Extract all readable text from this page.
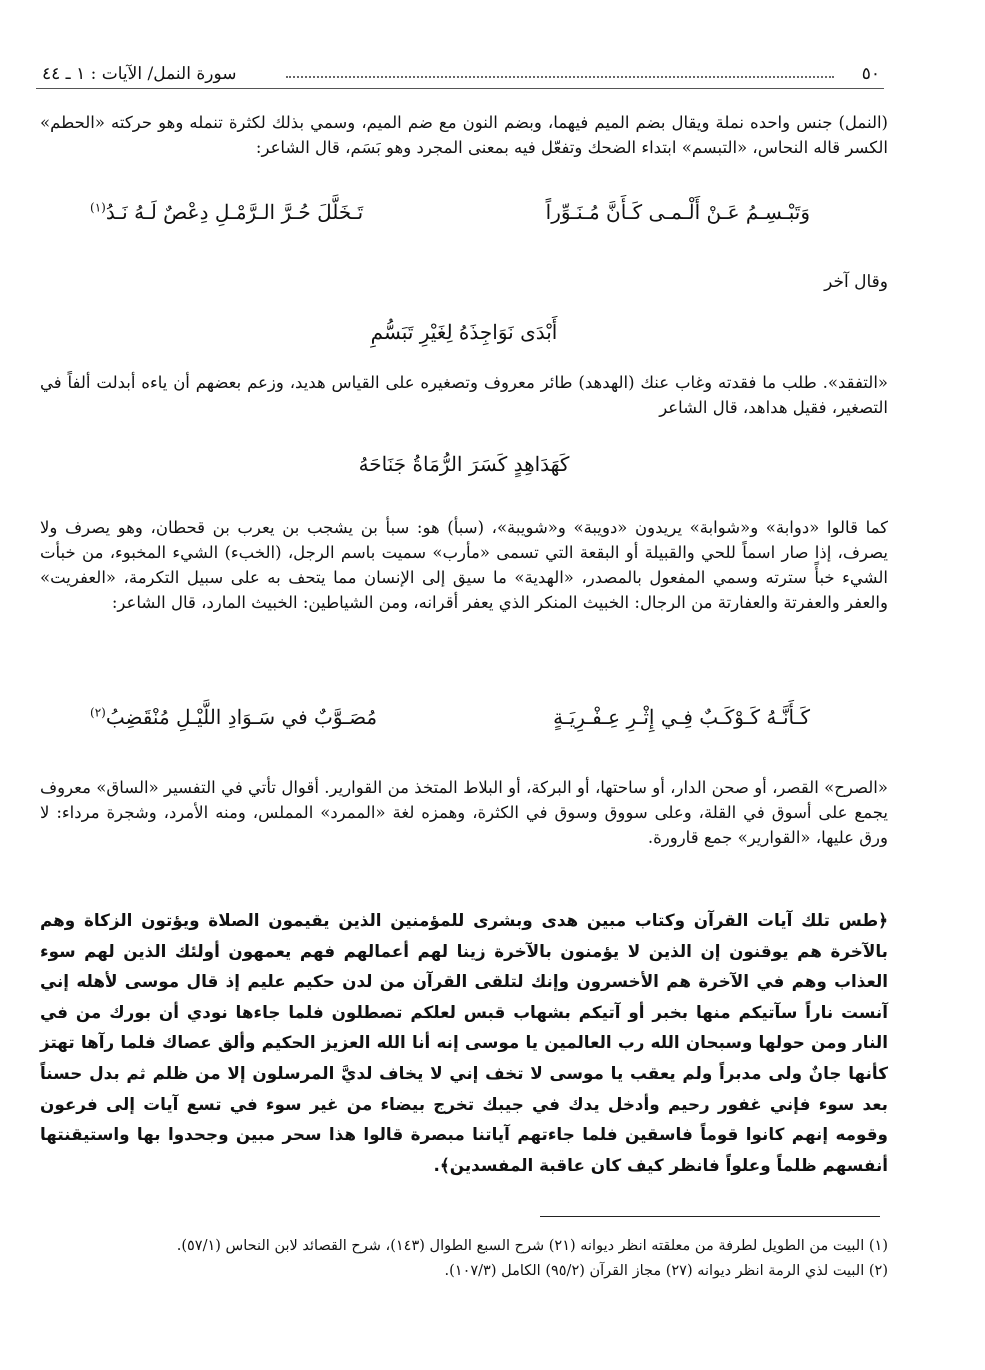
٥٠
سورة النمل/ الآيات : ١ ـ ٤٤
(النمل) جنس واحده نملة ويقال بضم الميم فيهما، وبضم النون مع ضم الميم، وسمي بذلك لكثرة تنمله وهو حركته «الحطم» الكسر قاله النحاس، «التبسم» ابتداء الضحك وتفعّل فيه بمعنى المجرد وهو بَسَم، قال الشاعر:
وَتَبْـسِـمُ عَـنْ أَلْـمـى كَـأَنَّ مُـنَـوِّراً
تَـخَلَّلَ حُـرَّ الـرَّمْـلِ دِعْصٌ لَـهُ نَـدُ$^{(١)}$
وقال آخر
أَبْدَى نَوَاجِذَهُ لِغَيْرِ تَبَسُّمِ
«التفقد». طلب ما فقدته وغاب عنك (الهدهد) طائر معروف وتصغيره على القياس هديد، وزعم بعضهم أن ياءه أبدلت ألفاً في التصغير، فقيل هداهد، قال الشاعر
كَهَدَاهِدٍ كَسَرَ الرُّمَاةُ جَنَاحَهُ
كما قالوا «دوابة» و«شوابة» يريدون «دويبة» و«شويبة»، (سبأ) هو: سبأ بن يشجب بن يعرب بن قحطان، وهو يصرف ولا يصرف، إذا صار اسماً للحي والقبيلة أو البقعة التي تسمى «مأرب» سميت باسم الرجل، (الخبء) الشيء المخبوء، من خبأت الشيء خبأً سترته وسمي المفعول بالمصدر، «الهدية» ما سيق إلى الإنسان مما يتحف به على سبيل التكرمة، «العفريت» والعفر والعفرتة والعفارتة من الرجال: الخبيث المنكر الذي يعفر أقرانه، ومن الشياطين: الخبيث المارد، قال الشاعر:
كَـأَنَّـهُ كَـوْكَـبٌ فِـي إِثْـرِ عِـفْـرِيَـةٍ
مُصَـوَّبٌ في سَـوَادِ اللَّيْـلِ مُنْقَضِبُ$^{(٢)}$
«الصرح» القصر، أو صحن الدار، أو ساحتها، أو البركة، أو البلاط المتخذ من القوارير. أقوال تأتي في التفسير «الساق» معروف يجمع على أسوق في القلة، وعلى سووق وسوق في الكثرة، وهمزه لغة «الممرد» المملس، ومنه الأمرد، وشجرة مرداء: لا ورق عليها، «القوارير» جمع قارورة.
﴿طس تلك آيات القرآن وكتاب مبين هدى وبشرى للمؤمنين الذين يقيمون الصلاة ويؤتون الزكاة وهم بالآخرة هم يوقنون إن الذين لا يؤمنون بالآخرة زينا لهم أعمالهم فهم يعمهون أولئك الذين لهم سوء العذاب وهم في الآخرة هم الأخسرون وإنك لتلقى القرآن من لدن حكيم عليم إذ قال موسى لأهله إني آنست ناراً سآتيكم منها بخبر أو آتيكم بشهاب قبس لعلكم تصطلون فلما جاءها نودي أن بورك من في النار ومن حولها وسبحان الله رب العالمين يا موسى إنه أنا الله العزيز الحكيم وألق عصاك فلما رآها تهتز كأنها جانٌ ولى مدبراً ولم يعقب يا موسى لا تخف إني لا يخاف لديَّ المرسلون إلا من ظلم ثم بدل حسناً بعد سوء فإني غفور رحيم وأدخل يدك في جيبك تخرج بيضاء من غير سوء في تسع آيات إلى فرعون وقومه إنهم كانوا قوماً فاسقين فلما جاءتهم آياتنا مبصرة قالوا هذا سحر مبين وجحدوا بها واستيقنتها أنفسهم ظلماً وعلواً فانظر كيف كان عاقبة المفسدين﴾.
(١) البيت من الطويل لطرفة من معلقته انظر ديوانه (٢١) شرح السبع الطوال (١٤٣)، شرح القصائد لابن النحاس (٥٧/١).
(٢) البيت لذي الرمة انظر ديوانه (٢٧) مجاز القرآن (٩٥/٢) الكامل (١٠٧/٣).
